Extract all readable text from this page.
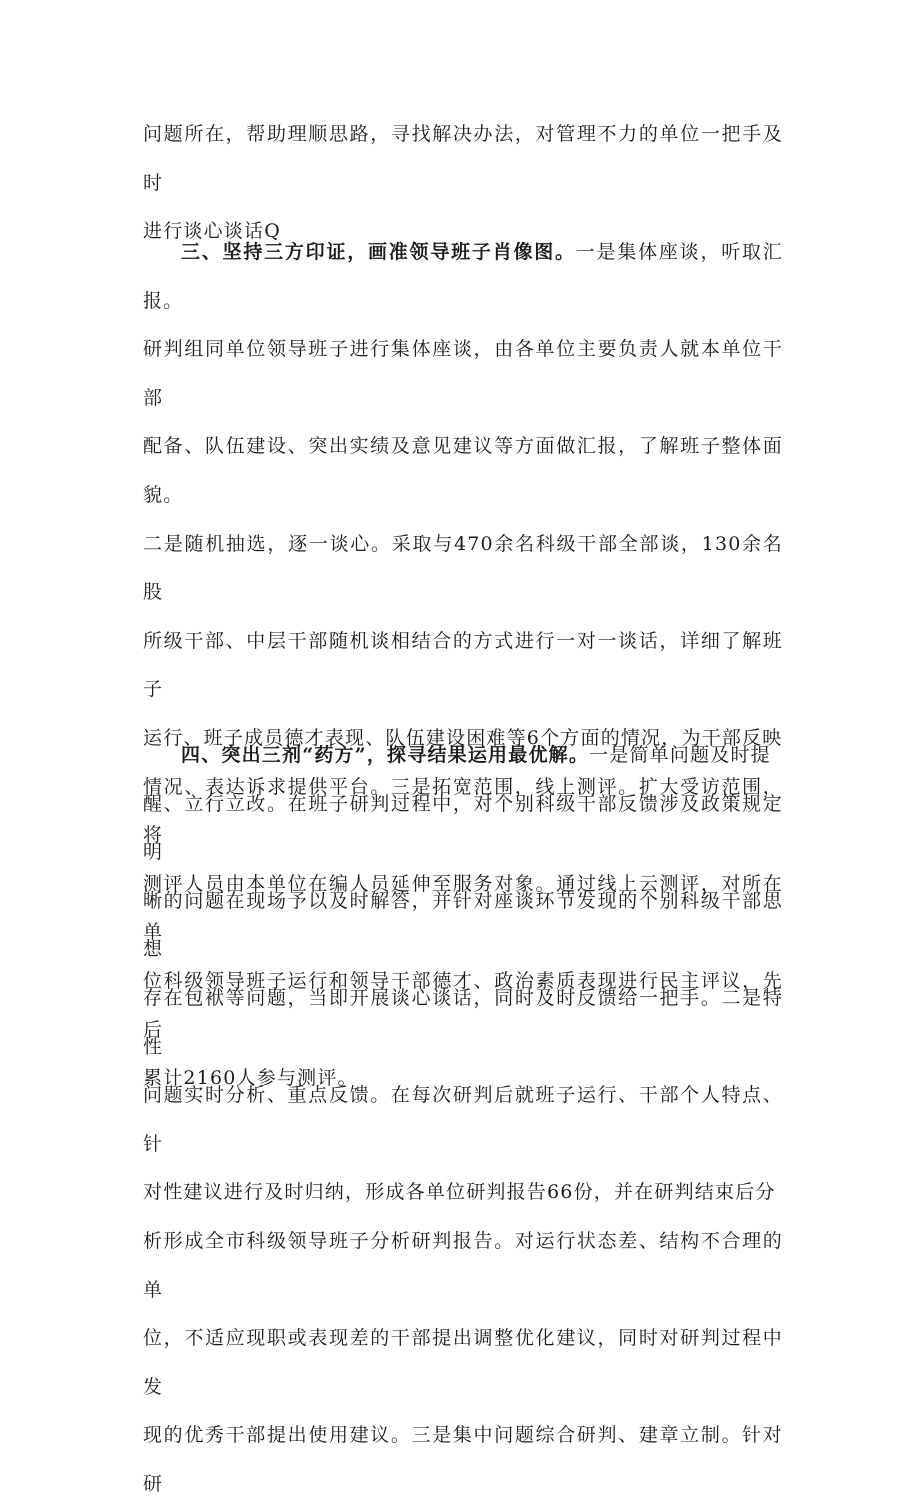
问题所在，帮助理顺思路，寻找解决办法，对管理不力的单位一把手及时

进行谈心谈话Q

三、坚持三方印证，画准领导班子肖像图。一是集体座谈，听取汇报。

研判组同单位领导班子进行集体座谈，由各单位主要负责人就本单位干部

配备、队伍建设、突出实绩及意见建议等方面做汇报，了解班子整体面貌。

二是随机抽选，逐一谈心。采取与470余名科级干部全部谈，130余名股

所级干部、中层干部随机谈相结合的方式进行一对一谈话，详细了解班子

运行、班子成员德才表现、队伍建设困难等6个方面的情况，为干部反映

情况、表达诉求提供平台。三是拓宽范围，线上测评。扩大受访范围，将

测评人员由本单位在编人员延伸至服务对象。通过线上云测评，对所在单

位科级领导班子运行和领导干部德才、政治素质表现进行民主评议，先后

累计2160人参与测评。

四、突出三剂“药方”，探寻结果运用最优解。一是简单问题及时提

醒、立行立改。在班子研判过程中，对个别科级干部反馈涉及政策规定明

晰的问题在现场予以及时解答，并针对座谈环节发现的个别科级干部思想

存在包袱等问题，当即开展谈心谈话，同时及时反馈给一把手。二是特性

问题实时分析、重点反馈。在每次研判后就班子运行、干部个人特点、针

对性建议进行及时归纳，形成各单位研判报告66份，并在研判结束后分

析形成全市科级领导班子分析研判报告。对运行状态差、结构不合理的单

位，不适应现职或表现差的干部提出调整优化建议，同时对研判过程中发

现的优秀干部提出使用建议。三是集中问题综合研判、建章立制。针对研
